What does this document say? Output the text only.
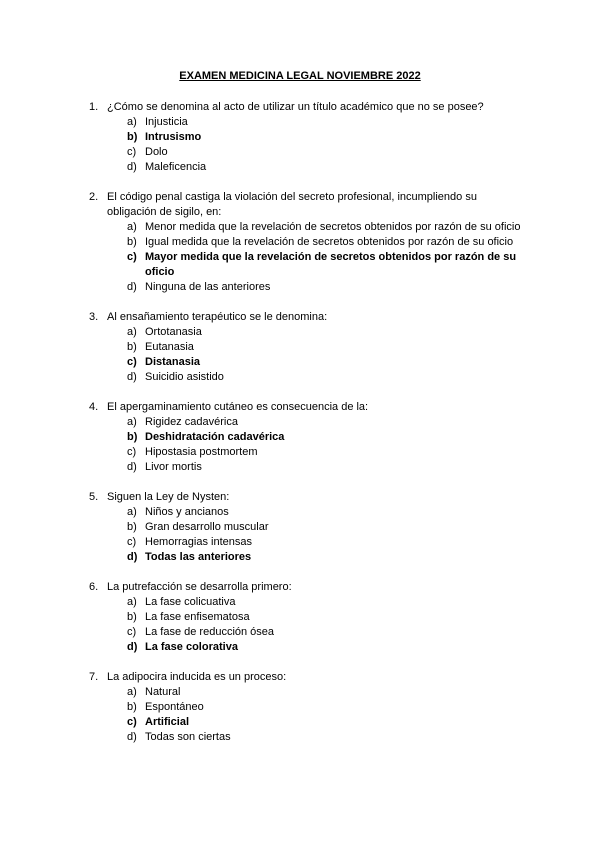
EXAMEN MEDICINA LEGAL NOVIEMBRE 2022
1. ¿Cómo se denomina al acto de utilizar un título académico que no se posee?
a) Injusticia
b) Intrusismo
c) Dolo
d) Maleficencia
2. El código penal castiga la violación del secreto profesional, incumpliendo su obligación de sigilo, en:
a) Menor medida que la revelación de secretos obtenidos por razón de su oficio
b) Igual medida que la revelación de secretos obtenidos por razón de su oficio
c) Mayor medida que la revelación de secretos obtenidos por razón de su oficio
d) Ninguna de las anteriores
3. Al ensañamiento terapéutico se le denomina:
a) Ortotanasia
b) Eutanasia
c) Distanasia
d) Suicidio asistido
4. El apergaminamiento cutáneo es consecuencia de la:
a) Rigidez cadavérica
b) Deshidratación cadavérica
c) Hipostasia postmortem
d) Livor mortis
5. Siguen la Ley de Nysten:
a) Niños y ancianos
b) Gran desarrollo muscular
c) Hemorragias intensas
d) Todas las anteriores
6. La putrefacción se desarrolla primero:
a) La fase colicuativa
b) La fase enfisematosa
c) La fase de reducción ósea
d) La fase colorativa
7. La adipocira inducida es un proceso:
a) Natural
b) Espontáneo
c) Artificial
d) Todas son ciertas
